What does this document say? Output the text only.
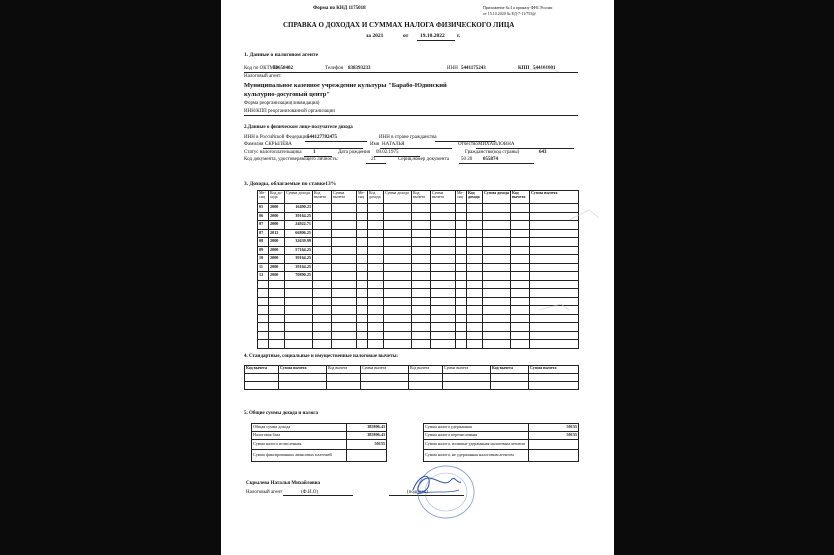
Форма по КНД 1175018	Приложение № 4 к приказу ФНС России
от 15.10.2020 № ЕД-7-11/753@
СПРАВКА О ДОХОДАХ И СУММАХ НАЛОГА ФИЗИЧЕСКОГО ЛИЦА
за 2021	от 19.10.2022 г.
1. Данные о налоговом агенте
Код по ОКТМО
50658402	Телефон 838393233	ИНН 5441175243	КПП 544101001
Налоговый агент:
Муниципальное казенное учреждение культуры "Барабо-Юдинский
культурно-досуговый центр"
Форма реорганизации(ликвидация)
ИНН/КПП реорганизованной организации
2.Данные о физическом лице-получателе дохода
ИНН в Российской Федерации
544127782475	ИНН в стране гражданства
Фамилия СКРЫЛЁВА	Имя НАТАЛЬЯ	Отчество МИХАЙЛОВНА
Статус налогоплательщика 1	Дата рождения 09.02.1975	Гражданство(код страны)	643
Код документа, удостоверяющего личность:	21	Серия,номер документа 50 20 055874
3. Доходы, облагаемые по ставке13%
Ме-сяц	Код до-хода	Сумма дохода	Код вычета	Сумма вычета	Ме-сяц	Код дохода	Сумма дохода	Код вычета	Сумма вычета	Ме-сяц	Код дохода	Сумма дохода	Код вычета	Сумма вычета
05	2000	16490.23												
06	2000	39164.25												
07	2000	24922.71												
07	2012	66806.25												
08	2000	32639.99												
09	2000	57164.25												
10	2000	39164.25												
11	2000	39164.25												
12	2000	70890.25												

4. Стандартные, социальные и имущественные налоговые вычеты:
Код вычета	Сумма вычета	Код вычета	Сумма вычета	Код вычета	Сумма вычета	Код вычета	Сумма вычета

5. Общие суммы дохода и налога
Общая сумма дохода	385806.43
Налоговая база	385806.43
Сумма налога исчисленная	50155
Сумма фиксированных авансовых платежей	
Сумма налога удержанная	50155
Сумма налога перечисленная	50155
Сумма налога, излишне удержанная налоговым агентом	
Сумма налога, не удержанная налоговым агентом	
Скрылева Наталья Михайловна
Налоговый агент	(Ф.И.О)	(подпись)
